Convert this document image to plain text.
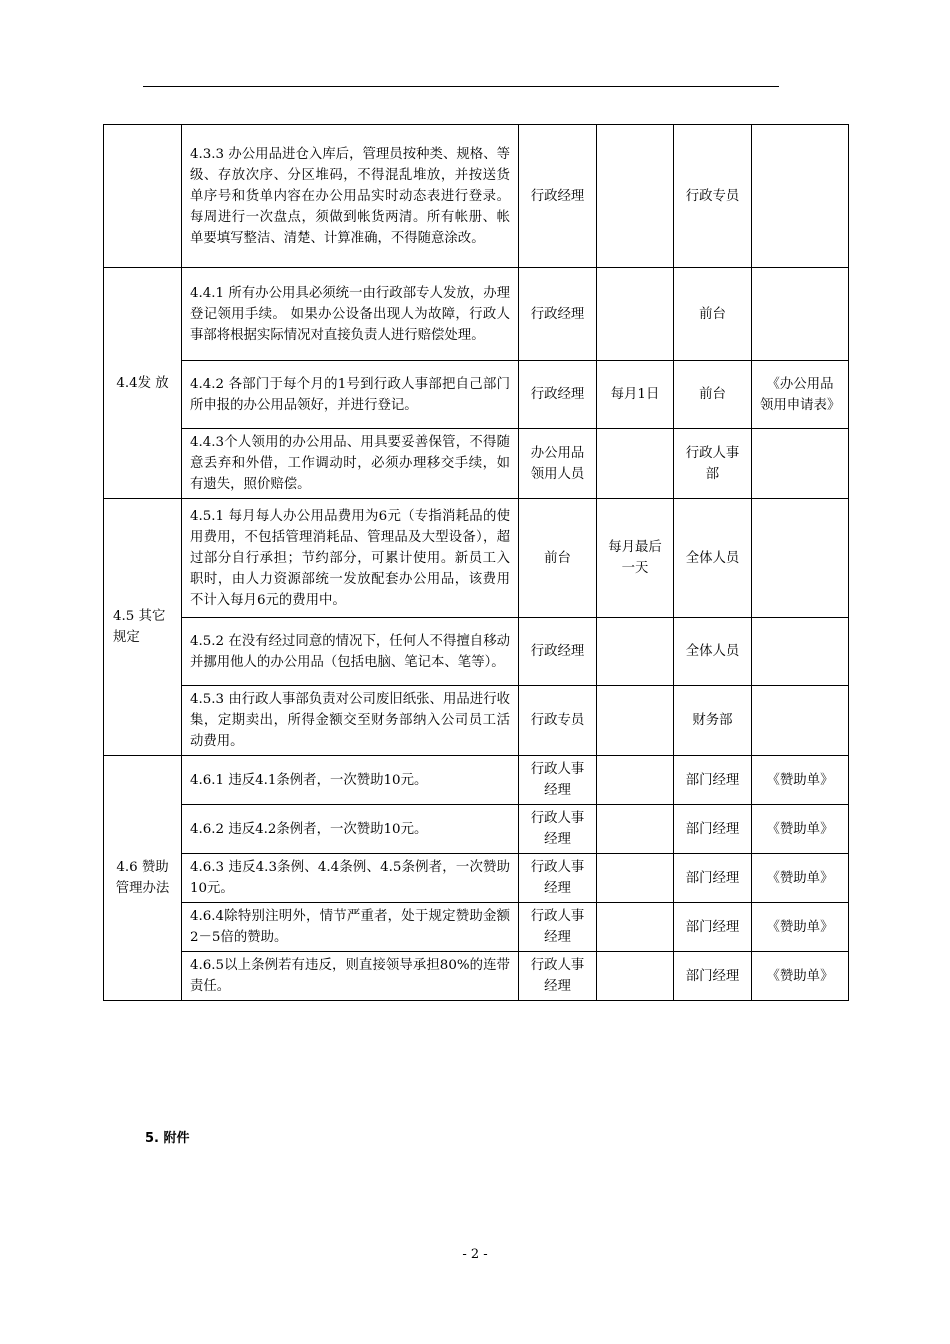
	4.3.3 办公用品进仓入库后，管理员按种类、规格、等级、存放次序、分区堆码，不得混乱堆放，并按送货单序号和货单内容在办公用品实时动态表进行登录。每周进行一次盘点，须做到帐货两清。所有帐册、帐单要填写整洁、清楚、计算准确，不得随意涂改。	行政经理		行政专员	
4.4发 放	4.4.1 所有办公用具必须统一由行政部专人发放，办理登记领用手续。 如果办公设备出现人为故障，行政人事部将根据实际情况对直接负责人进行赔偿处理。	行政经理		前台	
	4.4.2 各部门于每个月的1号到行政人事部把自己部门所申报的办公用品领好，并进行登记。	行政经理	每月1日	前台	《办公用品领用申请表》
	4.4.3个人领用的办公用品、用具要妥善保管，不得随意丢弃和外借，工作调动时，必须办理移交手续，如有遗失，照价赔偿。	办公用品领用人员		行政人事部	
4.5 其它规定	4.5.1 每月每人办公用品费用为6元（专指消耗品的使用费用，不包括管理消耗品、管理品及大型设备），超过部分自行承担；节约部分，可累计使用。新员工入职时，由人力资源部统一发放配套办公用品，该费用不计入每月6元的费用中。	前台	每月最后一天	全体人员	
	4.5.2 在没有经过同意的情况下，任何人不得擅自移动并挪用他人的办公用品（包括电脑、笔记本、笔等）。	行政经理		全体人员	
	4.5.3 由行政人事部负责对公司废旧纸张、用品进行收集，定期卖出，所得金额交至财务部纳入公司员工活动费用。	行政专员		财务部	
4.6 赞助管理办法	4.6.1 违反4.1条例者，一次赞助10元。	行政人事经理		部门经理	《赞助单》
	4.6.2 违反4.2条例者，一次赞助10元。	行政人事经理		部门经理	《赞助单》
	4.6.3 违反4.3条例、4.4条例、4.5条例者，一次赞助10元。	行政人事经理		部门经理	《赞助单》
	4.6.4除特别注明外，情节严重者，处于规定赞助金额2－5倍的赞助。	行政人事经理		部门经理	《赞助单》
	4.6.5以上条例若有违反，则直接领导承担80%的连带责任。	行政人事经理		部门经理	《赞助单》
5. 附件
- 2 -
